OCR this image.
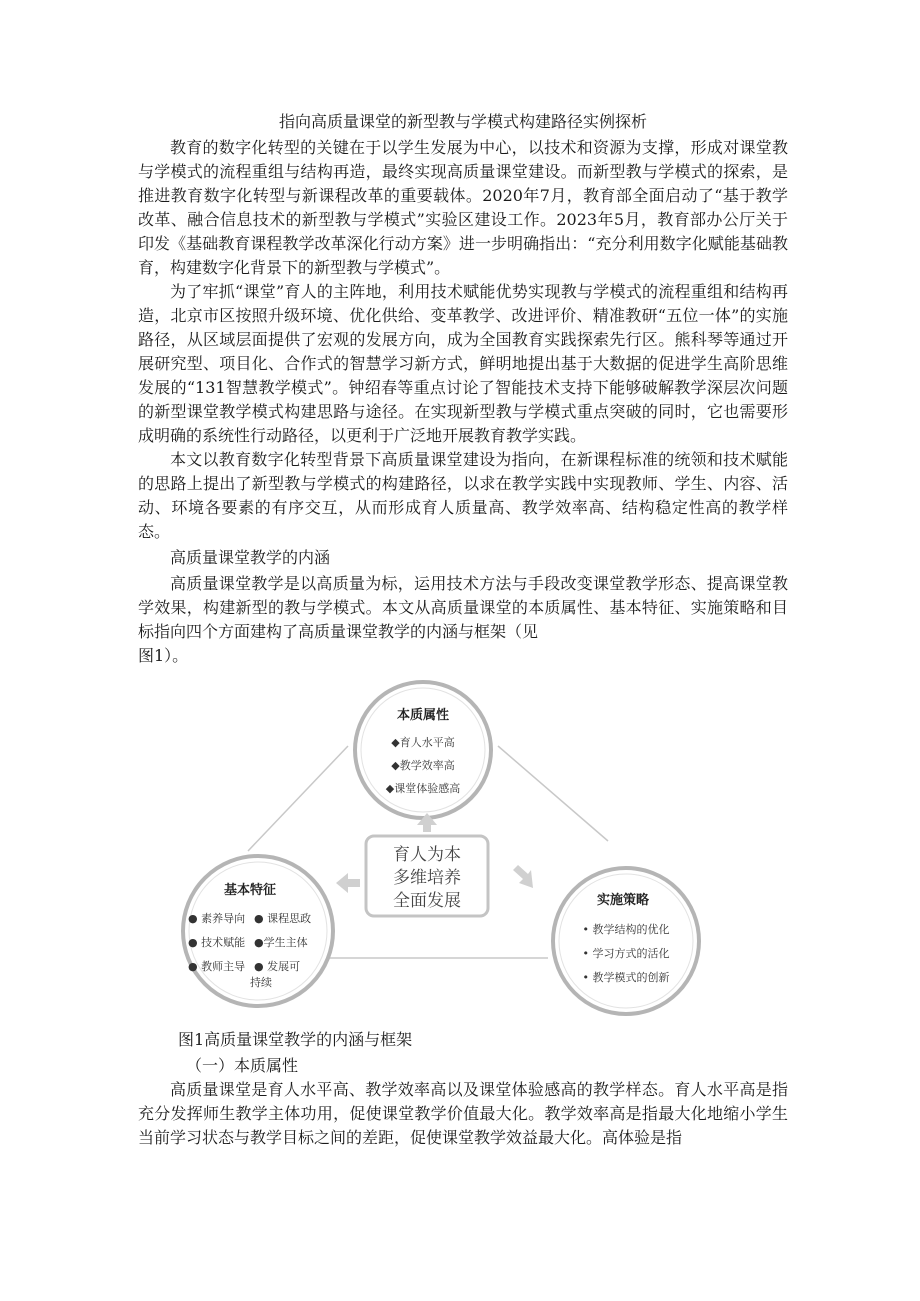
指向高质量课堂的新型教与学模式构建路径实例探析

教育的数字化转型的关键在于以学生发展为中心，以技术和资源为支撑，形成对课堂教与学模式的流程重组与结构再造，最终实现高质量课堂建设。而新型教与学模式的探索，是推进教育数字化转型与新课程改革的重要载体。2020年7月，教育部全面启动了“基于教学改革、融合信息技术的新型教与学模式”实验区建设工作。2023年5月，教育部办公厅关于印发《基础教育课程教学改革深化行动方案》进一步明确指出：“充分利用数字化赋能基础教育，构建数字化背景下的新型教与学模式”。

为了牢抓“课堂”育人的主阵地，利用技术赋能优势实现教与学模式的流程重组和结构再造，北京市区按照升级环境、优化供给、变革教学、改进评价、精准教研“五位一体”的实施路径，从区域层面提供了宏观的发展方向，成为全国教育实践探索先行区。熊科琴等通过开展研究型、项目化、合作式的智慧学习新方式，鲜明地提出基于大数据的促进学生高阶思维发展的“131智慧教学模式”。钟绍春等重点讨论了智能技术支持下能够破解教学深层次问题的新型课堂教学模式构建思路与途径。在实现新型教与学模式重点突破的同时，它也需要形成明确的系统性行动路径，以更利于广泛地开展教育教学实践。

本文以教育数字化转型背景下高质量课堂建设为指向，在新课程标准的统领和技术赋能的思路上提出了新型教与学模式的构建路径，以求在教学实践中实现教师、学生、内容、活动、环境各要素的有序交互，从而形成育人质量高、教学效率高、结构稳定性高的教学样态。

高质量课堂教学的内涵

高质量课堂教学是以高质量为标，运用技术方法与手段改变课堂教学形态、提高课堂教学效果，构建新型的教与学模式。本文从高质量课堂的本质属性、基本特征、实施策略和目标指向四个方面建构了高质量课堂教学的内涵与框架（见

图1）。

本质属性
◆育人水平高
◆教学效率高
◆课堂体验感高
基本特征
● 素养导向 ● 课程思政
● 技术赋能 ●学生主体
● 教师主导 ● 发展可
持续
实施策略
• 教学结构的优化
• 学习方式的活化
• 教学模式的创新
育人为本
多维培养
全面发展
图1高质量课堂教学的内涵与框架
（一）本质属性

高质量课堂是育人水平高、教学效率高以及课堂体验感高的教学样态。育人水平高是指充分发挥师生教学主体功用，促使课堂教学价值最大化。教学效率高是指最大化地缩小学生当前学习状态与教学目标之间的差距，促使课堂教学效益最大化。高体验是指
